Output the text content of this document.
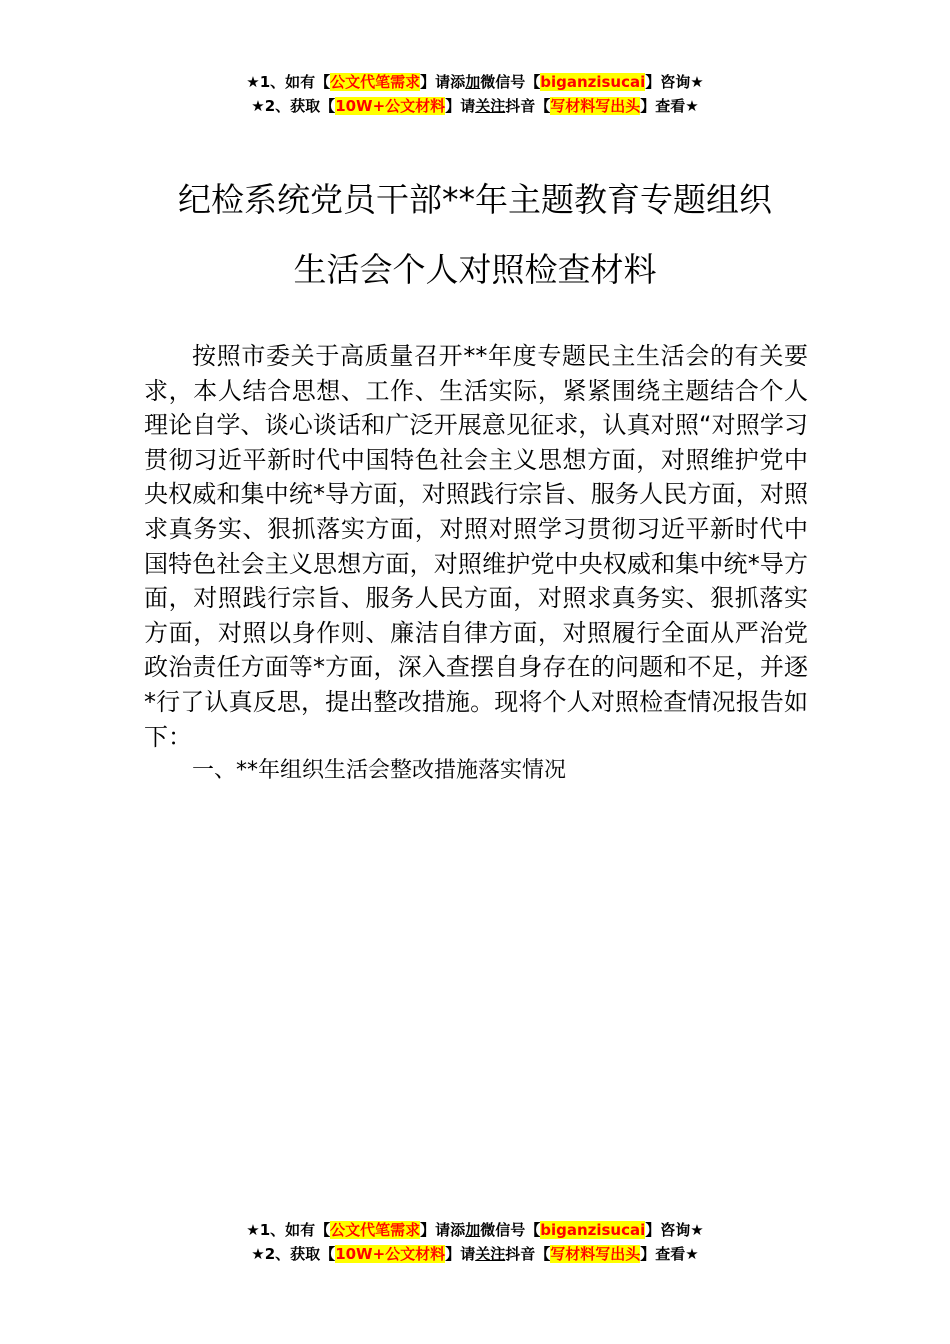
★1、如有【公文代笔需求】请添加微信号【biganzisucai】咨询★
★2、获取【10W+公文材料】请关注抖音【写材料写出头】查看★
纪检系统党员干部**年主题教育专题组织
生活会个人对照检查材料

按照市委关于高质量召开**年度专题民主生活会的有关要求，本人结合思想、工作、生活实际，紧紧围绕主题结合个人理论自学、谈心谈话和广泛开展意见征求，认真对照“对照学习贯彻习近平新时代中国特色社会主义思想方面，对照维护党中央权威和集中统*导方面，对照践行宗旨、服务人民方面，对照求真务实、狠抓落实方面，对照对照学习贯彻习近平新时代中国特色社会主义思想方面，对照维护党中央权威和集中统*导方面，对照践行宗旨、服务人民方面，对照求真务实、狠抓落实方面，对照以身作则、廉洁自律方面，对照履行全面从严治党政治责任方面等*方面，深入查摆自身存在的问题和不足，并逐*行了认真反思，提出整改措施。现将个人对照检查情况报告如下：

一、**年组织生活会整改措施落实情况

★1、如有【公文代笔需求】请添加微信号【biganzisucai】咨询★
★2、获取【10W+公文材料】请关注抖音【写材料写出头】查看★
